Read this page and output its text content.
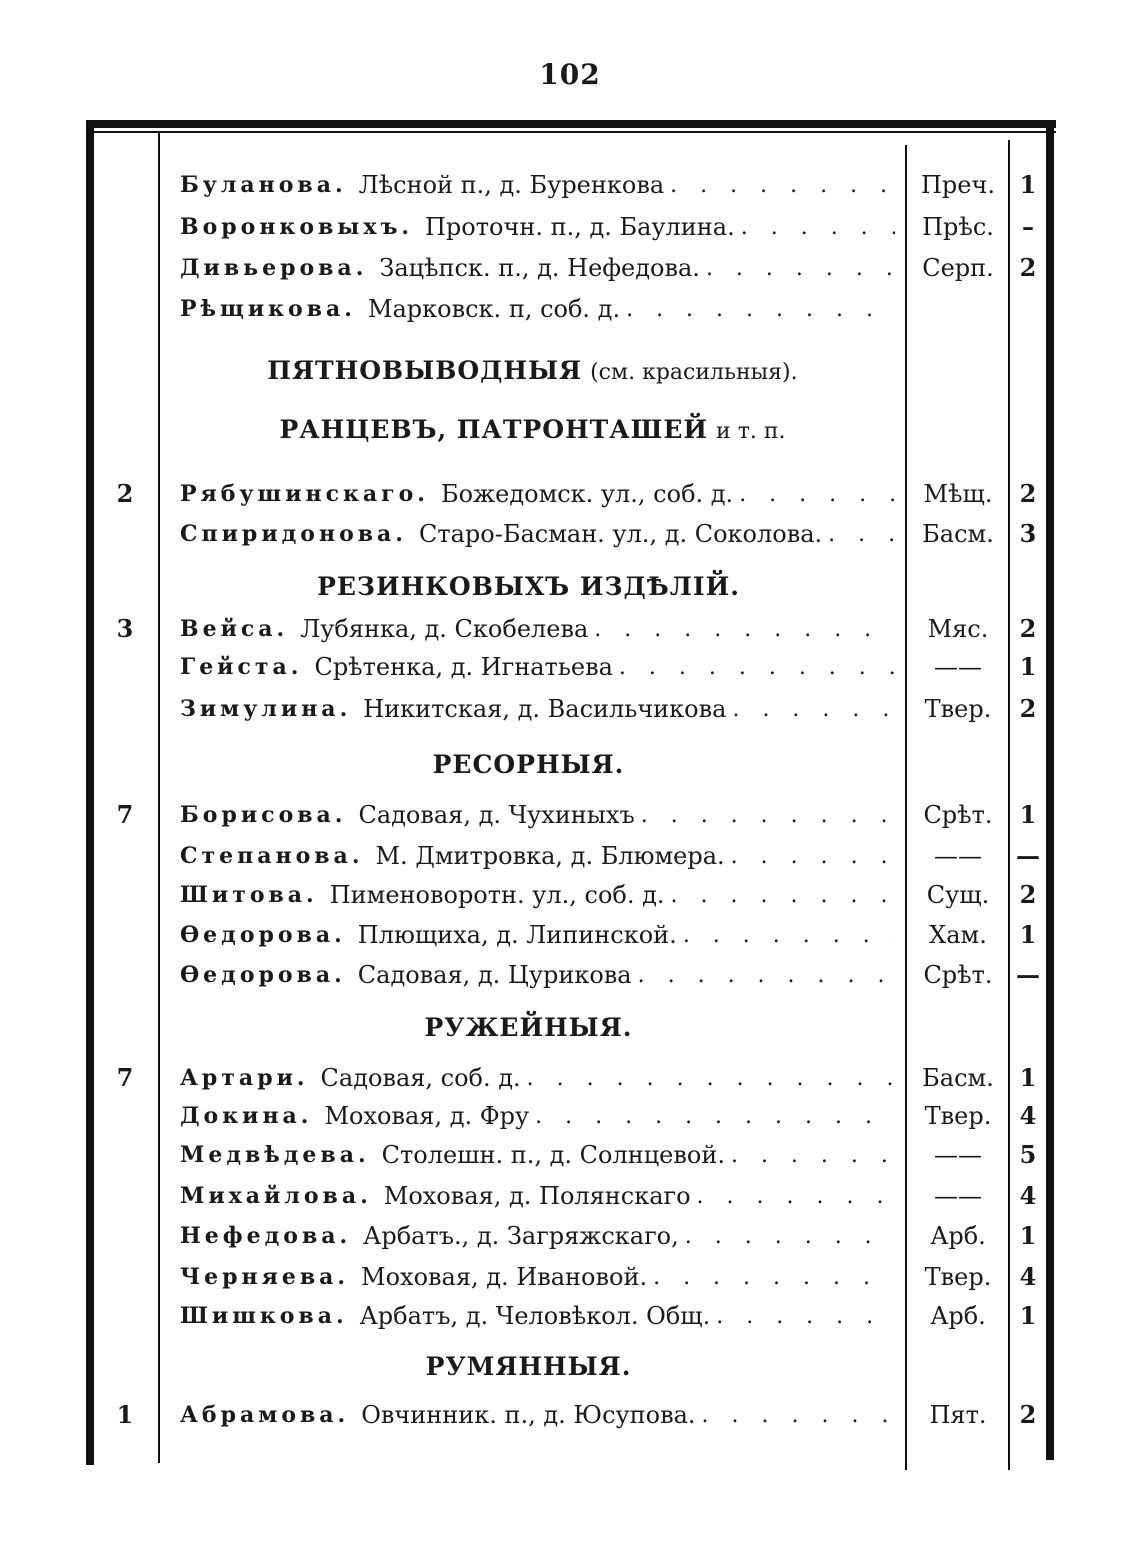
102
Буланова. Лѣсной п., д. Буренкова . . .	Преч.	1
Воронковыхъ. Проточн. п., д. Баулина. . . .	Прѣс.	–
Дивьерова. Зацѣпск. п., д. Нефедова. . . .	Серп.	2
Рѣщикова. Марковск. п, соб. д.
. . .
ПЯТНОВЫВОДНЫЯ (см. красильныя).
РАНЦЕВЪ, ПАТРОНТАШЕЙ и т. п.
2	Рябушинскаго. Божедомск. ул., соб. д. . . .	Мѣщ.	2
Спиридонова. Старо-Басман. ул., д. Соколова. . . .	Басм.	3
РЕЗИНКОВЫХЪ ИЗДѢЛІЙ.
3	Вейса. Лубянка, д. Скобелева . . .	Мяс.	2
Гейста. Срѣтенка, д. Игнатьева . . .	——	1
Зимулина. Никитская, д. Васильчикова . . .	Твер.	2
РЕСОРНЫЯ.
7	Борисова. Садовая, д. Чухиныхъ . . .	Срѣт.	1
Степанова. М. Дмитровка, д. Блюмера. . . .	——	—
Шитова. Пименоворотн. ул., соб. д. . . .	Сущ.	2
Өедорова. Плющиха, д. Липинской. . . .	Хам.	1
Өедорова. Садовая, д. Цурикова . . .	Срѣт. —
РУЖЕЙНЫЯ.
7	Артари. Садовая, соб. д. . . .	Басм.	1
Докина. Моховая, д. Фру . . .	Твер.	4
Медвѣдева. Столешн. п., д. Солнцевой. . . .	——	5
Михайлова. Моховая, д. Полянскаго . . .	——	4
Нефедова. Арбатъ., д. Загряжскаго, . . .	Арб.	1
Черняева. Моховая, д. Ивановой. . . .	Твер.	4
Шишкова. Арбатъ, д. Человѣкол. Общ. . . .	Арб.	1
РУМЯННЫЯ.
1	Абрамова. Овчинник. п., д. Юсупова. . . .	Пят.	2
